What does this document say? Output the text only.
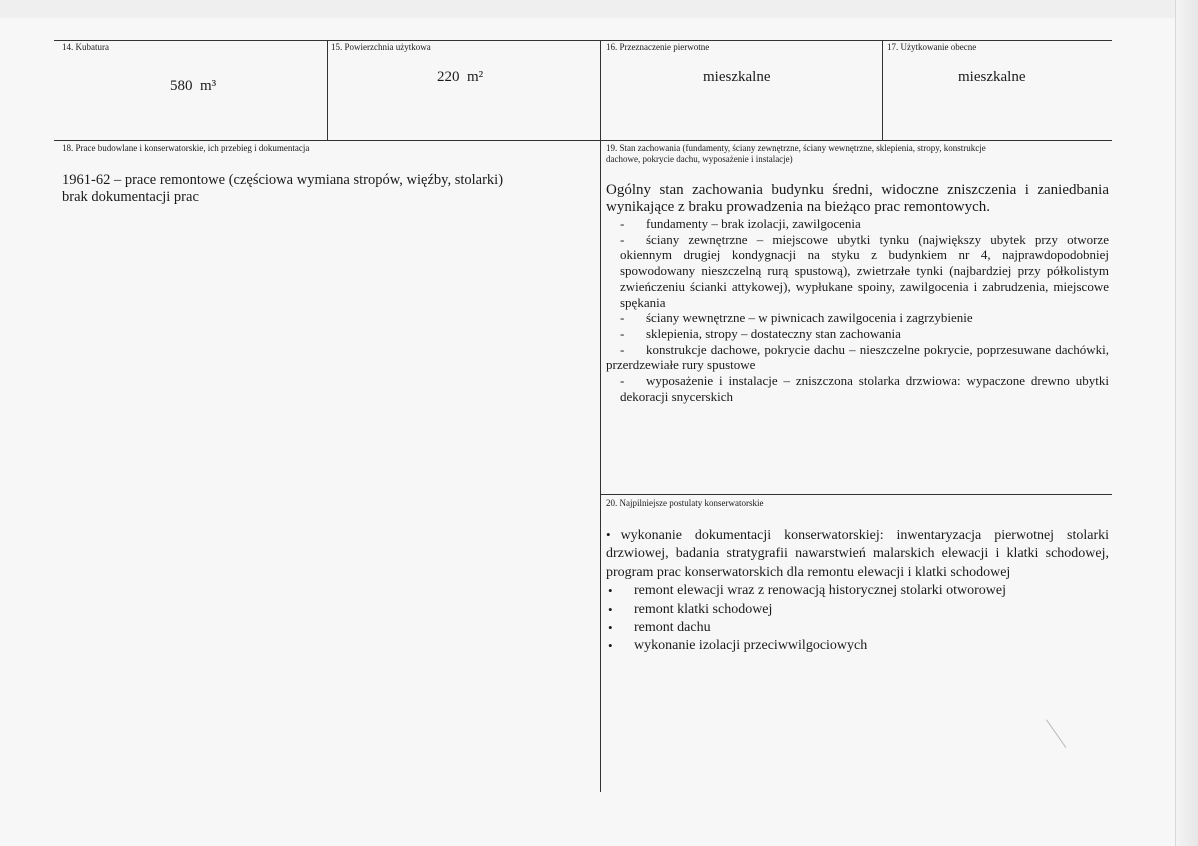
14. Kubatura
580 m³
15. Powierzchnia użytkowa
220 m²
16. Przeznaczenie pierwotne
mieszkalne
17. Użytkowanie obecne
mieszkalne
18. Prace budowlane i konserwatorskie, ich przebieg i dokumentacja
1961-62 – prace remontowe (częściowa wymiana stropów, więźby, stolarki)
brak dokumentacji prac
19. Stan zachowania (fundamenty, ściany zewnętrzne, ściany wewnętrzne, sklepienia, stropy, konstrukcje
dachowe, pokrycie dachu, wyposażenie i instalacje)

Ogólny stan zachowania budynku średni, widoczne zniszczenia i zaniedbania wynikające z braku prowadzenia na bieżąco prac remontowych.

- fundamenty – brak izolacji, zawilgocenia
-	ściany zewnętrzne – miejscowe ubytki tynku (największy ubytek przy otworze okiennym drugiej kondygnacji na styku z budynkiem nr 4, najprawdopodobniej spowodowany nieszczelną rurą spustową), zwietrzałe tynki (najbardziej przy półkolistym zwieńczeniu ścianki attykowej), wypłukane spoiny, zawilgocenia i zabrudzenia, miejscowe spękania
- ściany wewnętrzne – w piwnicach zawilgocenia i zagrzybienie
- sklepienia, stropy – dostateczny stan zachowania
-	konstrukcje dachowe, pokrycie dachu – nieszczelne pokrycie, poprzesuwane dachówki, przerdzewiałe rury spustowe
-	wyposażenie i instalacje – zniszczona stolarka drzwiowa: wypaczone drewno ubytki dekoracji snycerskich
20. Najpilniejsze postulaty konserwatorskie
• wykonanie dokumentacji konserwatorskiej: inwentaryzacja pierwotnej stolarki drzwiowej, badania stratygrafii nawarstwień malarskich elewacji i klatki schodowej, program prac konserwatorskich dla remontu elewacji i klatki schodowej
• remont elewacji wraz z renowacją historycznej stolarki otworowej
• remont klatki schodowej
• remont dachu
• wykonanie izolacji przeciwwilgociowych
